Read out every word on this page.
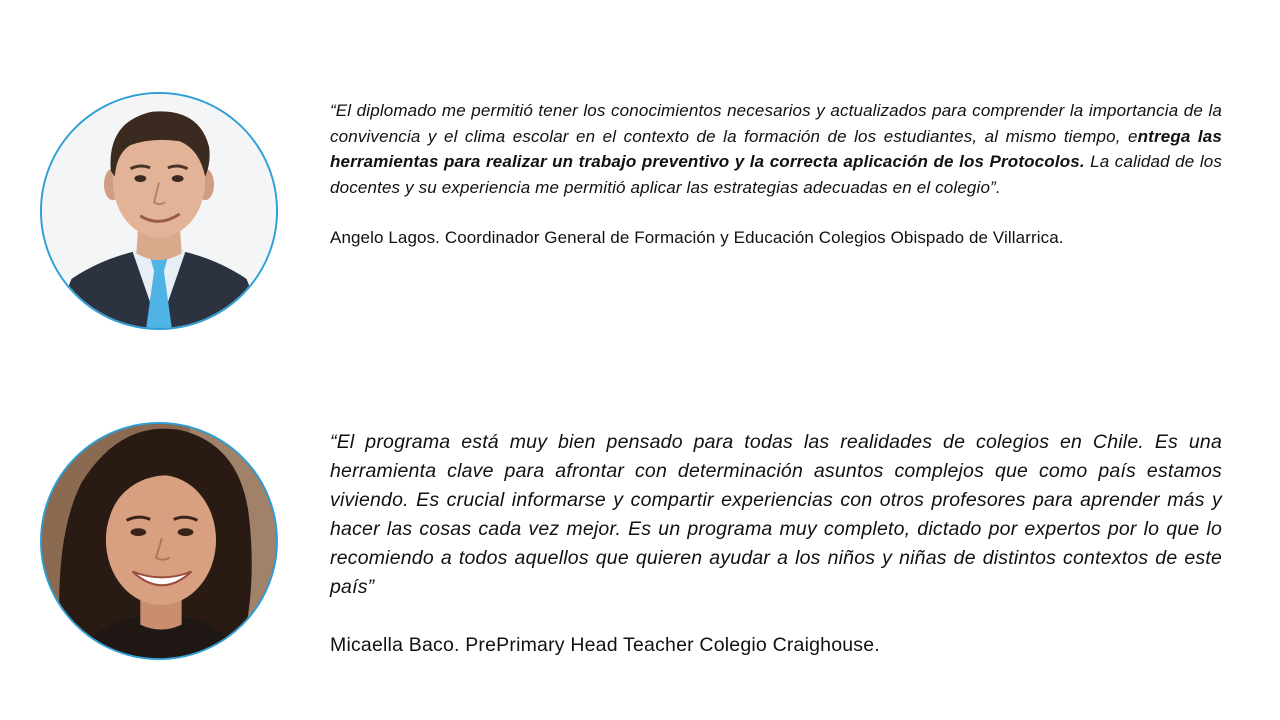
“El diplomado me permitió tener los conocimientos necesarios y actualizados para comprender la importancia de la convivencia y el clima escolar en el contexto de la formación de los estudiantes, al mismo tiempo, entrega las herramientas para realizar un trabajo preventivo y la correcta aplicación de los Protocolos. La calidad de los docentes y su experiencia me permitió aplicar las estrategias adecuadas en el colegio”.

Angelo Lagos. Coordinador General de Formación y Educación Colegios Obispado de Villarrica.

“El programa está muy bien pensado para todas las realidades de colegios en Chile. Es una herramienta clave para afrontar con determinación asuntos complejos que como país estamos viviendo. Es crucial informarse y compartir experiencias con otros profesores para aprender más y hacer las cosas cada vez mejor. Es un programa muy completo, dictado por expertos por lo que lo recomiendo a todos aquellos que quieren ayudar a los niños y niñas de distintos contextos de este país”

Micaella Baco. PrePrimary Head Teacher Colegio Craighouse.
